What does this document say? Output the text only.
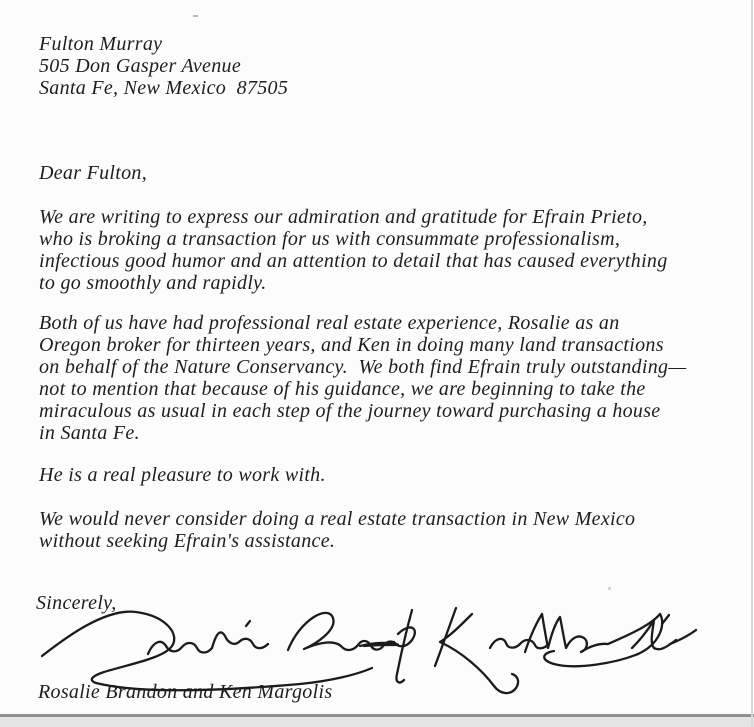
Fulton Murray
505 Don Gasper Avenue
Santa Fe, New Mexico  87505
Dear Fulton,
We are writing to express our admiration and gratitude for Efrain Prieto,
who is broking a transaction for us with consummate professionalism,
infectious good humor and an attention to detail that has caused everything
to go smoothly and rapidly.
Both of us have had professional real estate experience, Rosalie as an
Oregon broker for thirteen years, and Ken in doing many land transactions
on behalf of the Nature Conservancy.  We both find Efrain truly outstanding—
not to mention that because of his guidance, we are beginning to take the
miraculous as usual in each step of the journey toward purchasing a house
in Santa Fe.
He is a real pleasure to work with.
We would never consider doing a real estate transaction in New Mexico
without seeking Efrain's assistance.
Sincerely,
Rosalie Brandon and Ken Margolis
